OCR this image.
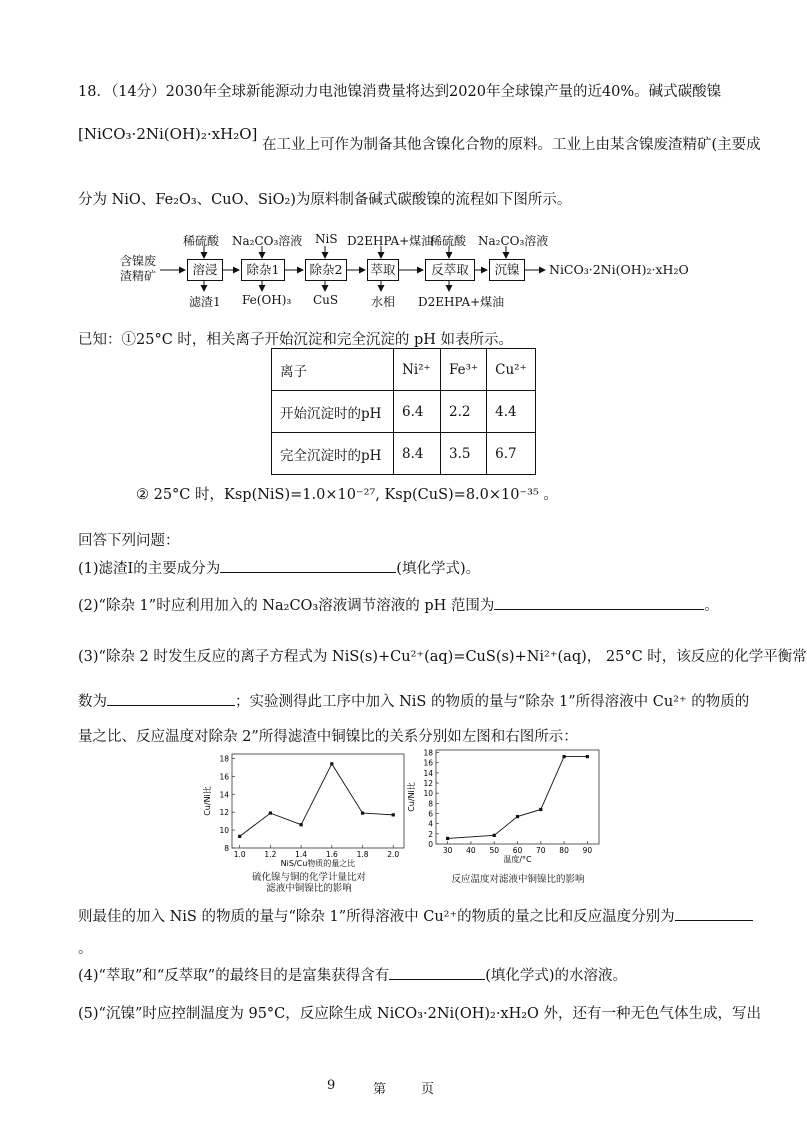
18．（14分）2030年全球新能源动力电池镍消费量将达到2020年全球镍产量的近40%。碱式碳酸镍
[NiCO₃·2Ni(OH)₂·xH₂O] 在工业上可作为制备其他含镍化合物的原料。工业上由某含镍废渣精矿(主要成
分为 NiO、Fe₂O₃、CuO、SiO₂)为原料制备碱式碳酸镍的流程如下图所示。
含镍废
渣精矿	溶浸	除杂1	除杂2	萃取	反萃取	沉镍
稀硫酸 Na₂CO₃溶液 NiS D2EHPA+煤油
稀硫酸 Na₂CO₃溶液
滤渣1 Fe(OH)₃ CuS	水相 D2EHPA+煤油
NiCO₃·2Ni(OH)₂·xH₂O
已知：①25°C 时，相关离子开始沉淀和完全沉淀的 pH 如表所示。
离子	Ni²⁺	Fe³⁺	Cu²⁺
开始沉淀时的pH	6.4	2.2	4.4
完全沉淀时的pH	8.4	3.5	6.7
② 25°C 时，Ksp(NiS)=1.0×10⁻²⁷, Ksp(CuS)=8.0×10⁻³⁵ 。
回答下列问题：
(1)滤渣Ⅰ的主要成分为	(填化学式)。
(2)“除杂 1”时应利用加入的 Na₂CO₃溶液调节溶液的 pH 范围为	。
(3)“除杂 2 时发生反应的离子方程式为 NiS(s)+Cu²⁺(aq)=CuS(s)+Ni²⁺(aq)， 25°C 时，该反应的化学平衡常
数为	；实验测得此工序中加入 NiS 的物质的量与“除杂 1”所得溶液中 Cu²⁺ 的物质的
量之比、反应温度对除杂 2”所得滤渣中铜镍比的关系分别如左图和右图所示：
8
10
12
14
16
18
1.0	1.2	1.4	1.6	1.8	2.0
Cu/Ni比
NiS/Cu物质的量之比
硫化镍与铜的化学计量比对
滤液中铜镍比的影响
0
2
4
6
8
10
12
14
16
18
30 40 50 60 70 80 90
Cu/Ni比
温度/°C
反应温度对滤液中铜镍比的影响
则最佳的加入 NiS 的物质的量与“除杂 1”所得溶液中 Cu²⁺的物质的量之比和反应温度分别为
。
(4)“萃取”和“反萃取”的最终目的是富集获得含有	(填化学式)的水溶液。
(5)“沉镍”时应控制温度为 95°C，反应除生成 NiCO₃·2Ni(OH)₂·xH₂O 外，还有一种无色气体生成，写出
9	第	页
